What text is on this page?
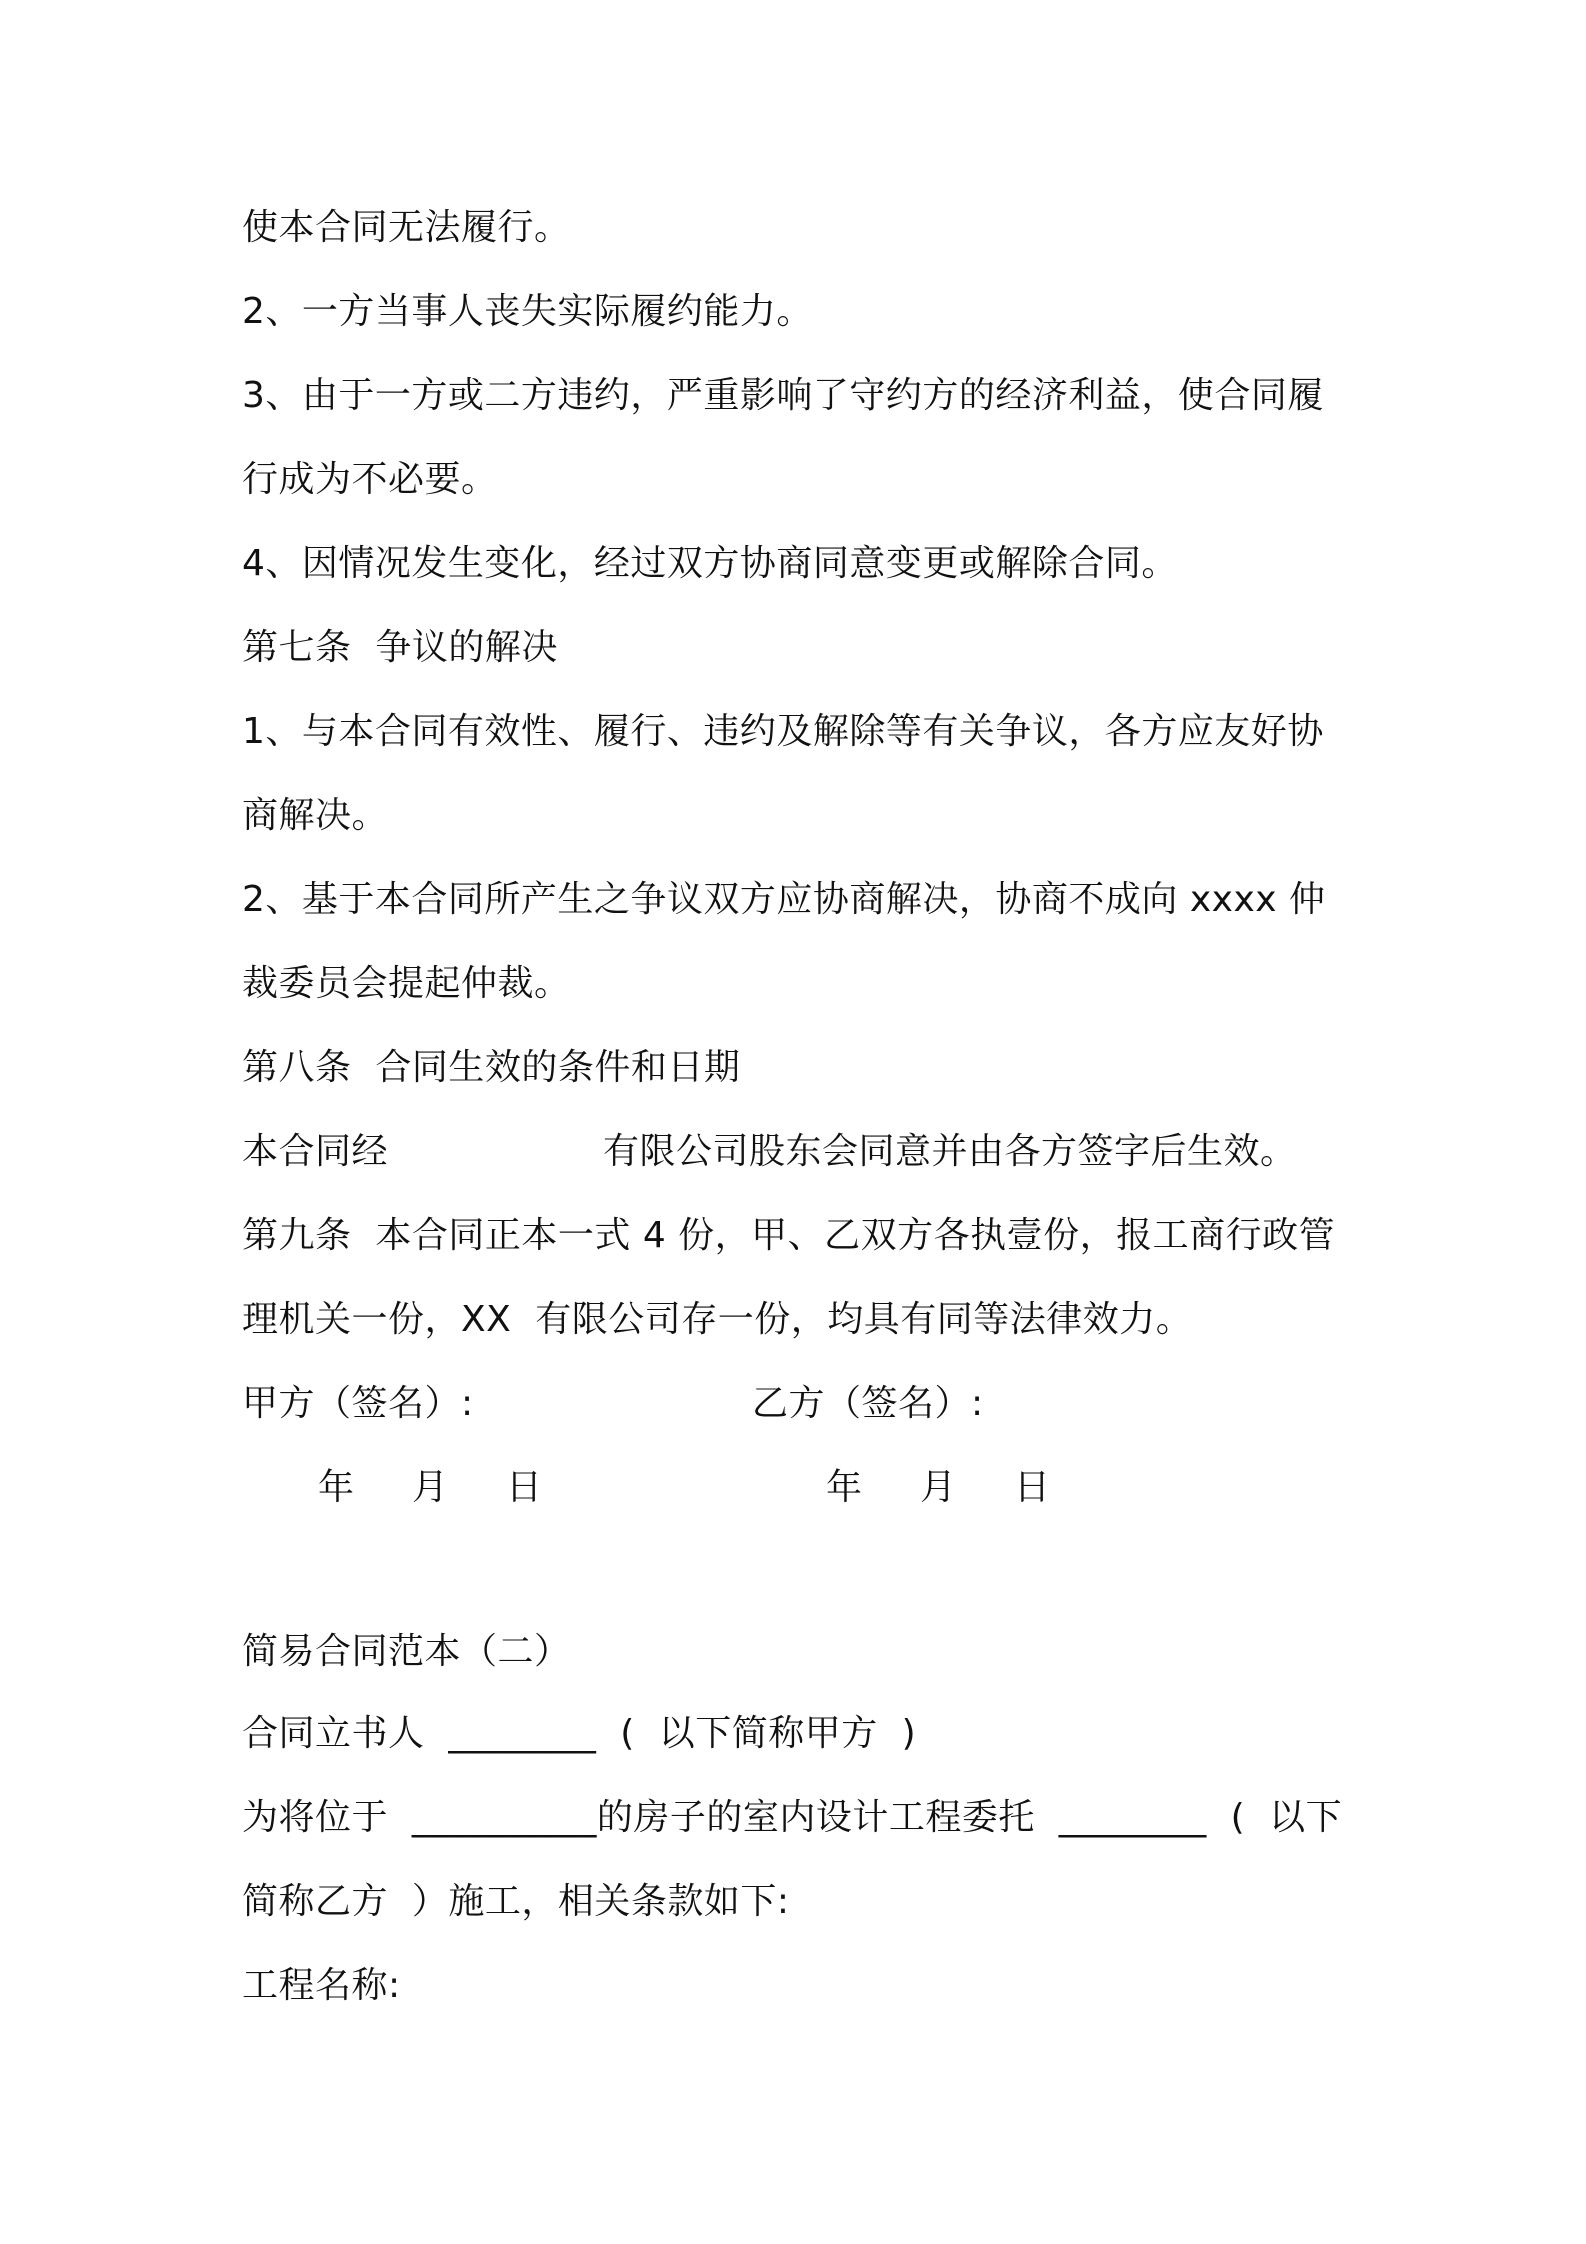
使本合同无法履行。
2、一方当事人丧失实际履约能力。
3、由于一方或二方违约，严重影响了守约方的经济利益，使合同履
行成为不必要。
4、因情况发生变化，经过双方协商同意变更或解除合同。
第七条  争议的解决
1、与本合同有效性、履行、违约及解除等有关争议，各方应友好协
商解决。
2、基于本合同所产生之争议双方应协商解决，协商不成向 xxxx 仲
裁委员会提起仲裁。
第八条  合同生效的条件和日期
本合同经                  有限公司股东会同意并由各方签字后生效。
第九条  本合同正本一式 4 份，甲、乙双方各执壹份，报工商行政管
理机关一份，XX  有限公司存一份，均具有同等法律效力。
甲方（签名）:	乙方（签名）:
年 月 日	年 月 日
简易合同范本（二）
合同立书人  ________  (  以下简称甲方  )
为将位于  __________的房子的室内设计工程委托  ________  (  以下
简称乙方  ）施工，相关条款如下:
工程名称:
